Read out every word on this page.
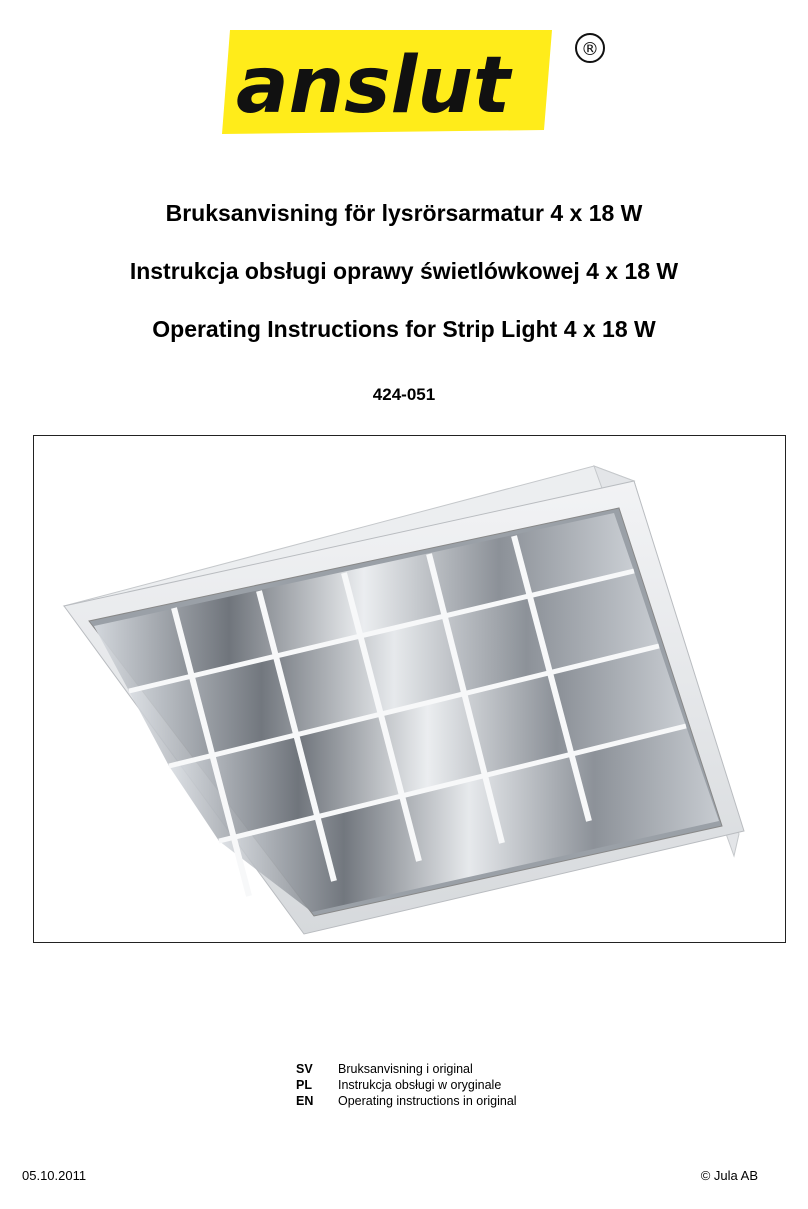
anslut	®
Bruksanvisning för lysrörsarmatur 4 x 18 W
Instrukcja obsługi oprawy świetlówkowej 4 x 18 W
Operating Instructions for Strip Light 4 x 18 W
424-051
SV	Bruksanvisning i original
PL	Instrukcja obsługi w oryginale
EN	Operating instructions in original
05.10.2011	© Jula AB
